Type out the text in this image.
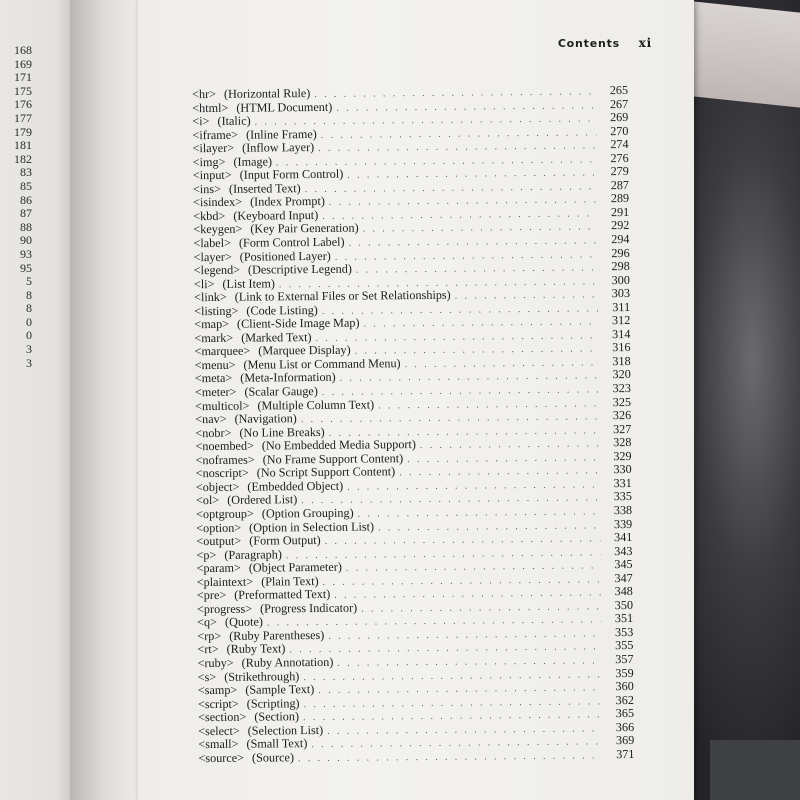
168
169
171
175
176
177
179
181
182
83
85
86
87
88
90
93
95
5
8
8
0
0
3
3
Contents xi
<hr> (Horizontal Rule) . . .	265
<html> (HTML Document) . . .	267
<i> (Italic) . . .	269
<iframe> (Inline Frame) . . .	270
<ilayer> (Inflow Layer) . . .	274
<img> (Image) . . .	276
<input> (Input Form Control) . . .	279
<ins> (Inserted Text) . . .	287
<isindex> (Index Prompt) . . .	289
<kbd> (Keyboard Input) . . .	291
<keygen> (Key Pair Generation) . . .	292
<label> (Form Control Label) . . .	294
<layer> (Positioned Layer) . . .	296
<legend> (Descriptive Legend) . . .	298
<li> (List Item) . . .	300
<link> (Link to External Files or Set Relationships) . . .	303
<listing> (Code Listing) . . .	311
<map> (Client-Side Image Map) . . .	312
<mark> (Marked Text) . . .	314
<marquee> (Marquee Display) . . .	316
<menu> (Menu List or Command Menu) . . .	318
<meta> (Meta-Information) . . .	320
<meter> (Scalar Gauge) . . .	323
<multicol> (Multiple Column Text) . . .	325
<nav> (Navigation) . . .	326
<nobr> (No Line Breaks) . . .	327
<noembed> (No Embedded Media Support) . . .	328
<noframes> (No Frame Support Content) . . .	329
<noscript> (No Script Support Content) . . .	330
<object> (Embedded Object) . . .	331
<ol> (Ordered List) . . .	335
<optgroup> (Option Grouping) . . .	338
<option> (Option in Selection List) . . .	339
<output> (Form Output) . . .	341
<p> (Paragraph) . . .	343
<param> (Object Parameter) . . .	345
<plaintext> (Plain Text) . . .	347
<pre> (Preformatted Text) . . .	348
<progress> (Progress Indicator) . . .	350
<q> (Quote) . . .	351
<rp> (Ruby Parentheses) . . .	353
<rt> (Ruby Text) . . .	355
<ruby> (Ruby Annotation) . . .	357
<s> (Strikethrough) . . .	359
<samp> (Sample Text) . . .	360
<script> (Scripting) . . .	362
<section> (Section) . . .	365
<select> (Selection List) . . .	366
<small> (Small Text) . . .	369
<source> (Source) . . .	371
